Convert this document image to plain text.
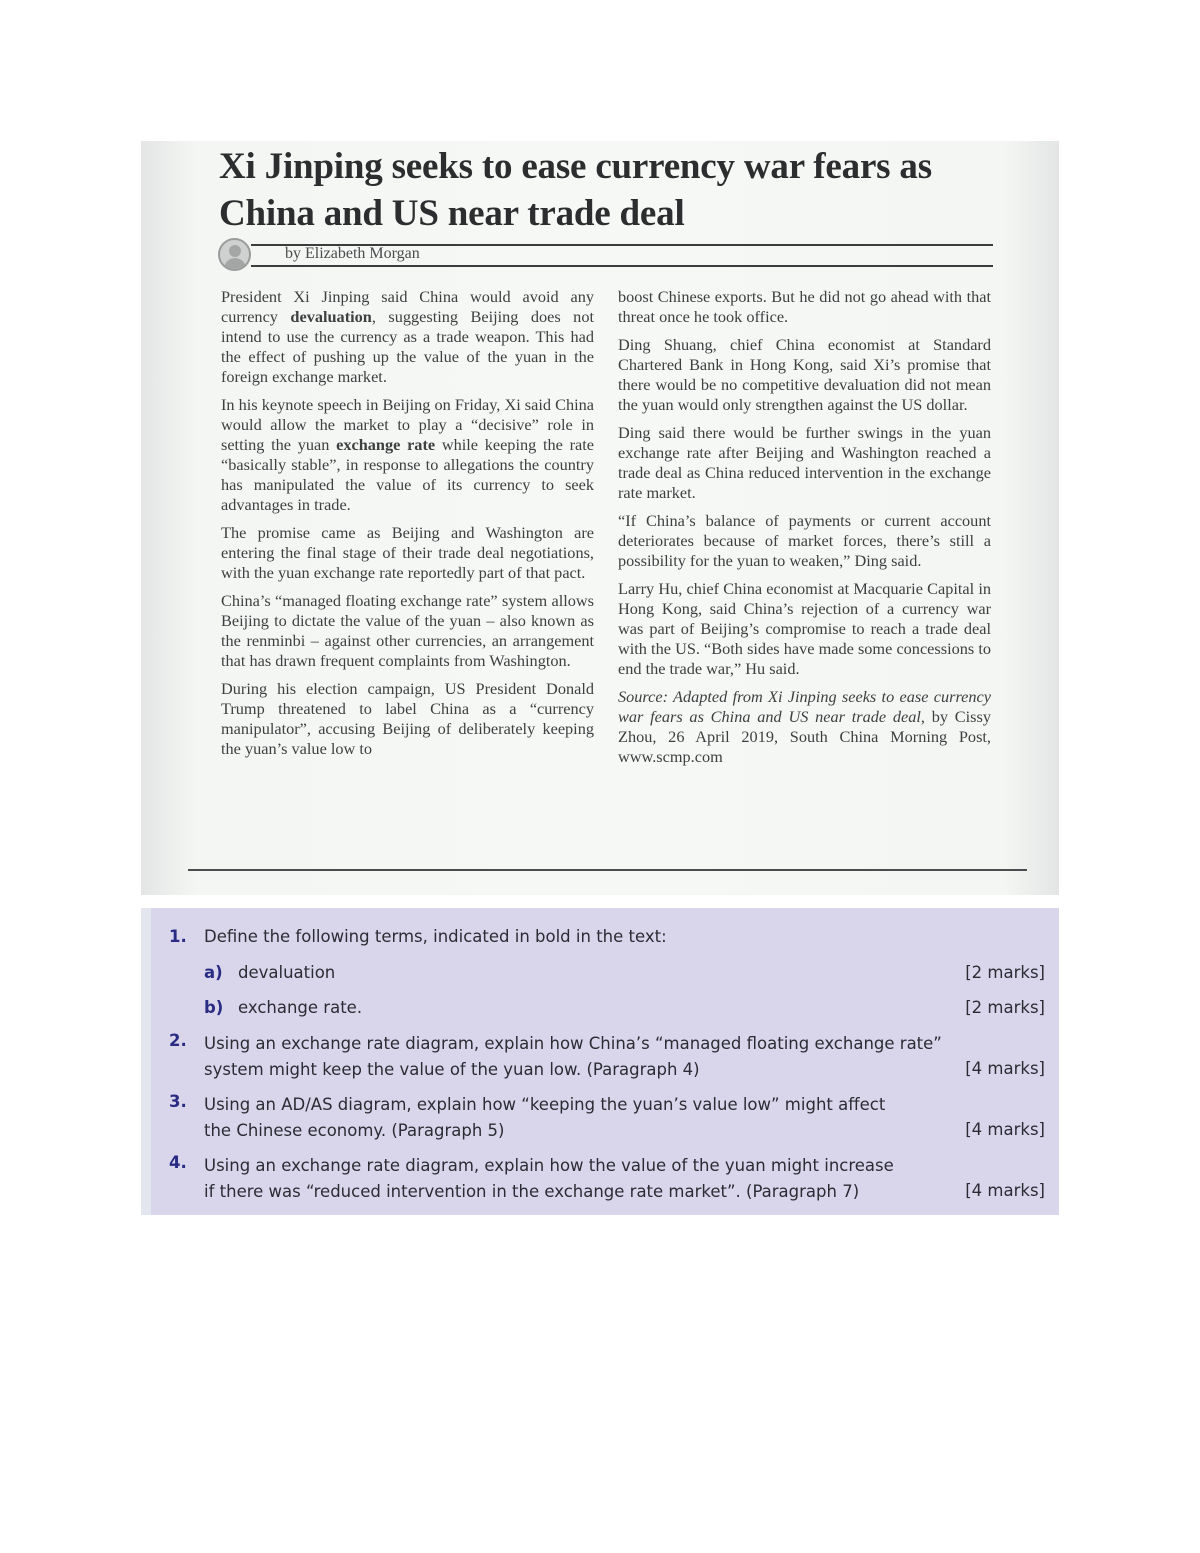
Xi Jinping seeks to ease currency war fears as China and US near trade deal
by Elizabeth Morgan

President Xi Jinping said China would avoid any currency devaluation, suggesting Beijing does not intend to use the currency as a trade weapon. This had the effect of pushing up the value of the yuan in the foreign exchange market.

In his keynote speech in Beijing on Friday, Xi said China would allow the market to play a “decisive” role in setting the yuan exchange rate while keeping the rate “basically stable”, in response to allegations the country has manipulated the value of its currency to seek advantages in trade.

The promise came as Beijing and Washington are entering the final stage of their trade deal negotiations, with the yuan exchange rate reportedly part of that pact.

China’s “managed floating exchange rate” system allows Beijing to dictate the value of the yuan – also known as the renminbi – against other currencies, an arrangement that has drawn frequent complaints from Washington.

During his election campaign, US President Donald Trump threatened to label China as a “currency manipulator”, accusing Beijing of deliberately keeping the yuan’s value low to

boost Chinese exports. But he did not go ahead with that threat once he took office.

Ding Shuang, chief China economist at Standard Chartered Bank in Hong Kong, said Xi’s promise that there would be no competitive devaluation did not mean the yuan would only strengthen against the US dollar.

Ding said there would be further swings in the yuan exchange rate after Beijing and Washington reached a trade deal as China reduced intervention in the exchange rate market.

“If China’s balance of payments or current account deteriorates because of market forces, there’s still a possibility for the yuan to weaken,” Ding said.

Larry Hu, chief China economist at Macquarie Capital in Hong Kong, said China’s rejection of a currency war was part of Beijing’s compromise to reach a trade deal with the US. “Both sides have made some concessions to end the trade war,” Hu said.

Source: Adapted from Xi Jinping seeks to ease currency war fears as China and US near trade deal, by Cissy Zhou, 26 April 2019, South China Morning Post, www.scmp.com

1. Define the following terms, indicated in bold in the text:
a) devaluation	[2 marks]
b) exchange rate.	[2 marks]
2. Using an exchange rate diagram, explain how China’s “managed floating exchange rate”
system might keep the value of the yuan low. (Paragraph 4)	[4 marks]
3. Using an AD/AS diagram, explain how “keeping the yuan’s value low” might affect
the Chinese economy. (Paragraph 5)	[4 marks]
4. Using an exchange rate diagram, explain how the value of the yuan might increase
if there was “reduced intervention in the exchange rate market”. (Paragraph 7)	[4 marks]
